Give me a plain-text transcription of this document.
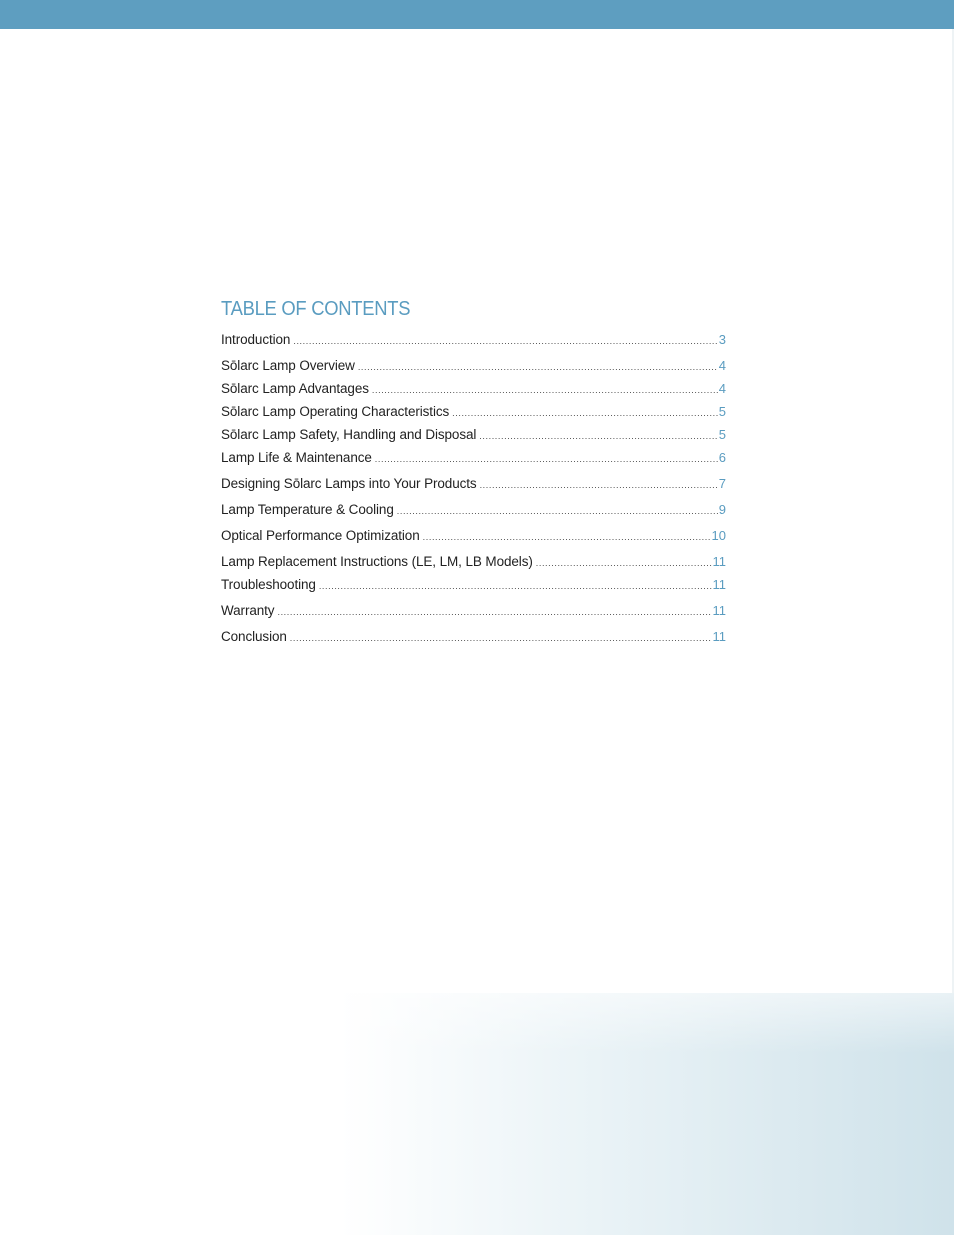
TABLE OF CONTENTS
Introduction .....	3
Sōlarc Lamp Overview .....	4
Sōlarc Lamp Advantages .....	4
Sōlarc Lamp Operating Characteristics .....	5
Sōlarc Lamp Safety, Handling and Disposal .....	5
Lamp Life & Maintenance .....	6
Designing Sōlarc Lamps into Your Products .....	7
Lamp Temperature & Cooling .....	9
Optical Performance Optimization .....	10
Lamp Replacement Instructions (LE, LM, LB Models) .....	11
Troubleshooting .....	11
Warranty .....	11
Conclusion .....	11
